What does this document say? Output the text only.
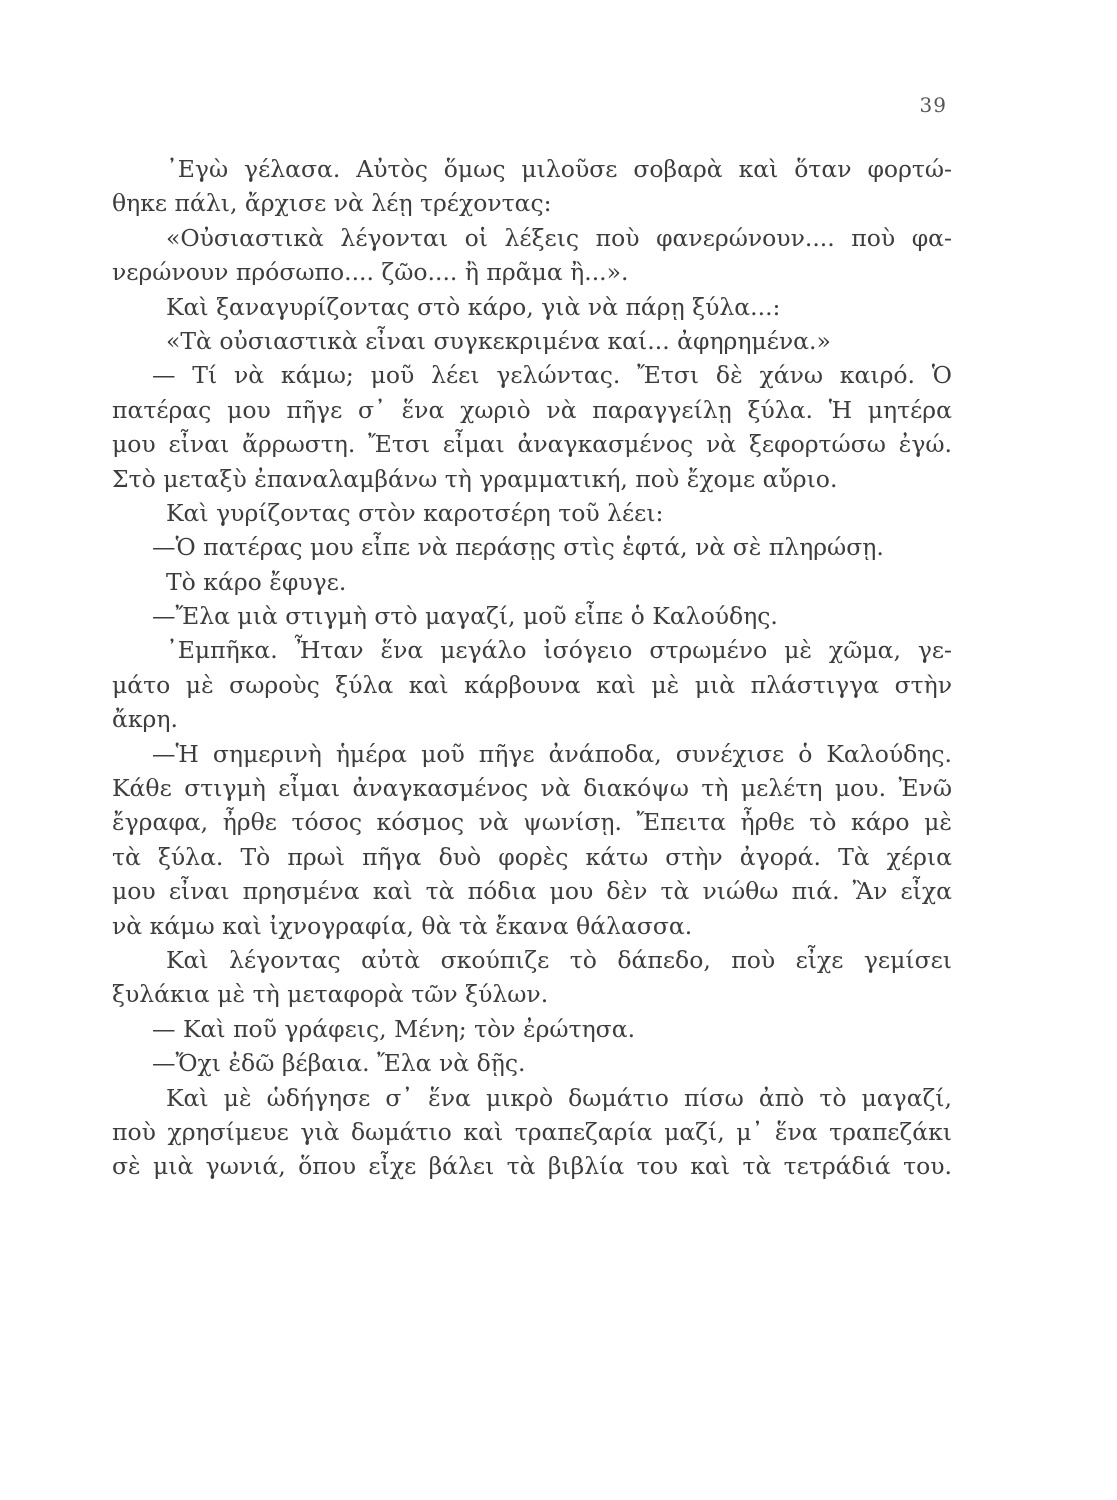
39
᾿Εγὼ γέλασα. Αὐτὸς ὅμως μιλοῦσε σοβαρὰ καὶ ὅταν φορτώ-
θηκε πάλι, ἄρχισε νὰ λέῃ τρέχοντας:
«Οὐσιαστικὰ λέγονται οἱ λέξεις ποὺ φανερώνουν.... ποὺ φα-
νερώνουν πρόσωπο.... ζῶο.... ἢ πρᾶμα ἢ...».
Καὶ ξαναγυρίζοντας στὸ κάρο, γιὰ νὰ πάρῃ ξύλα...:
«Τὰ οὐσιαστικὰ εἶναι συγκεκριμένα καί... ἀφηρημένα.»
— Τί νὰ κάμω; μοῦ λέει γελώντας. Ἔτσι δὲ χάνω καιρό. Ὁ
πατέρας μου πῆγε σ᾿ ἕνα χωριὸ νὰ παραγγείλῃ ξύλα. Ἡ μητέρα
μου εἶναι ἄρρωστη. Ἔτσι εἶμαι ἀναγκασμένος νὰ ξεφορτώσω ἐγώ.
Στὸ μεταξὺ ἐπαναλαμβάνω τὴ γραμματική, ποὺ ἔχομε αὔριο.
Καὶ γυρίζοντας στὸν καροτσέρη τοῦ λέει:
—Ὁ πατέρας μου εἶπε νὰ περάσῃς στὶς ἑφτά, νὰ σὲ πληρώσῃ.
Τὸ κάρο ἔφυγε.
—Ἔλα μιὰ στιγμὴ στὸ μαγαζί, μοῦ εἶπε ὁ Καλούδης.
᾿Εμπῆκα. Ἦταν ἕνα μεγάλο ἰσόγειο στρωμένο μὲ χῶμα, γε-
μάτο μὲ σωροὺς ξύλα καὶ κάρβουνα καὶ μὲ μιὰ πλάστιγγα στὴν
ἄκρη.
—Ἡ σημερινὴ ἡμέρα μοῦ πῆγε ἀνάποδα, συνέχισε ὁ Καλούδης.
Κάθε στιγμὴ εἶμαι ἀναγκασμένος νὰ διακόψω τὴ μελέτη μου. Ἐνῶ
ἔγραφα, ἦρθε τόσος κόσμος νὰ ψωνίσῃ. Ἔπειτα ἦρθε τὸ κάρο μὲ
τὰ ξύλα. Τὸ πρωὶ πῆγα δυὸ φορὲς κάτω στὴν ἀγορά. Τὰ χέρια
μου εἶναι πρησμένα καὶ τὰ πόδια μου δὲν τὰ νιώθω πιά. Ἂν εἶχα
νὰ κάμω καὶ ἰχνογραφία, θὰ τὰ ἔκανα θάλασσα.
Καὶ λέγοντας αὐτὰ σκούπιζε τὸ δάπεδο, ποὺ εἶχε γεμίσει
ξυλάκια μὲ τὴ μεταφορὰ τῶν ξύλων.
— Καὶ ποῦ γράφεις, Μένη; τὸν ἐρώτησα.
—Ὄχι ἐδῶ βέβαια. Ἔλα νὰ δῇς.
Καὶ μὲ ὡδήγησε σ᾿ ἕνα μικρὸ δωμάτιο πίσω ἀπὸ τὸ μαγαζί,
ποὺ χρησίμευε γιὰ δωμάτιο καὶ τραπεζαρία μαζί, μ᾿ ἕνα τραπεζάκι
σὲ μιὰ γωνιά, ὅπου εἶχε βάλει τὰ βιβλία του καὶ τὰ τετράδιά του.
